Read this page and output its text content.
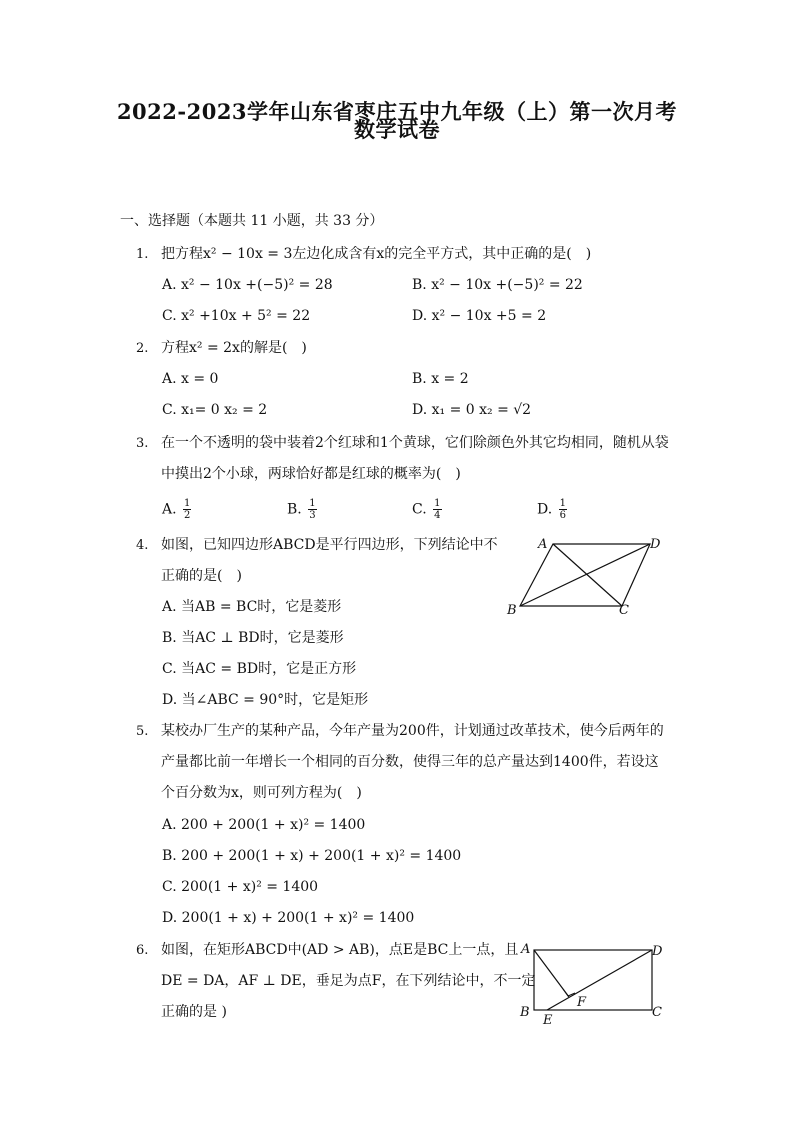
2022-2023学年山东省枣庄五中九年级（上）第一次月考
数学试卷
一、选择题（本题共 11 小题，共 33 分）
1. 把方程x² − 10x = 3左边化成含有x的完全平方式，其中正确的是(　)
A. x² − 10x +(−5)² = 28	B. x² − 10x +(−5)² = 22
C. x² +10x + 5² = 22	D. x² − 10x +5 = 2
2. 方程x² = 2x的解是(　)
A. x = 0	B. x = 2
C. x₁= 0 x₂ = 2	D. x₁ = 0 x₂ = √2
3. 在一个不透明的袋中装着2个红球和1个黄球，它们除颜色外其它均相同，随机从袋
中摸出2个小球，两球恰好都是红球的概率为(　)
A. $\frac{1}{2}$	B. $\frac{1}{3}$	C. $\frac{1}{4}$	D. $\frac{1}{6}$
4. 如图，已知四边形ABCD是平行四边形，下列结论中不
正确的是(　)
A. 当AB = BC时，它是菱形
B. 当AC ⊥ BD时，它是菱形
C. 当AC = BD时，它是正方形
D. 当∠ABC = 90°时，它是矩形
A	D
B	C
5. 某校办厂生产的某种产品，今年产量为200件，计划通过改革技术，使今后两年的
产量都比前一年增长一个相同的百分数，使得三年的总产量达到1400件，若设这
个百分数为x，则可列方程为(　)
A. 200 + 200(1 + x)² = 1400
B. 200 + 200(1 + x) + 200(1 + x)² = 1400
C. 200(1 + x)² = 1400
D. 200(1 + x) + 200(1 + x)² = 1400
6. 如图，在矩形ABCD中(AD > AB)，点E是BC上一点，且
DE = DA，AF ⊥ DE，垂足为点F，在下列结论中，不一定
正确的是 )
A	D
F
B
E
C
